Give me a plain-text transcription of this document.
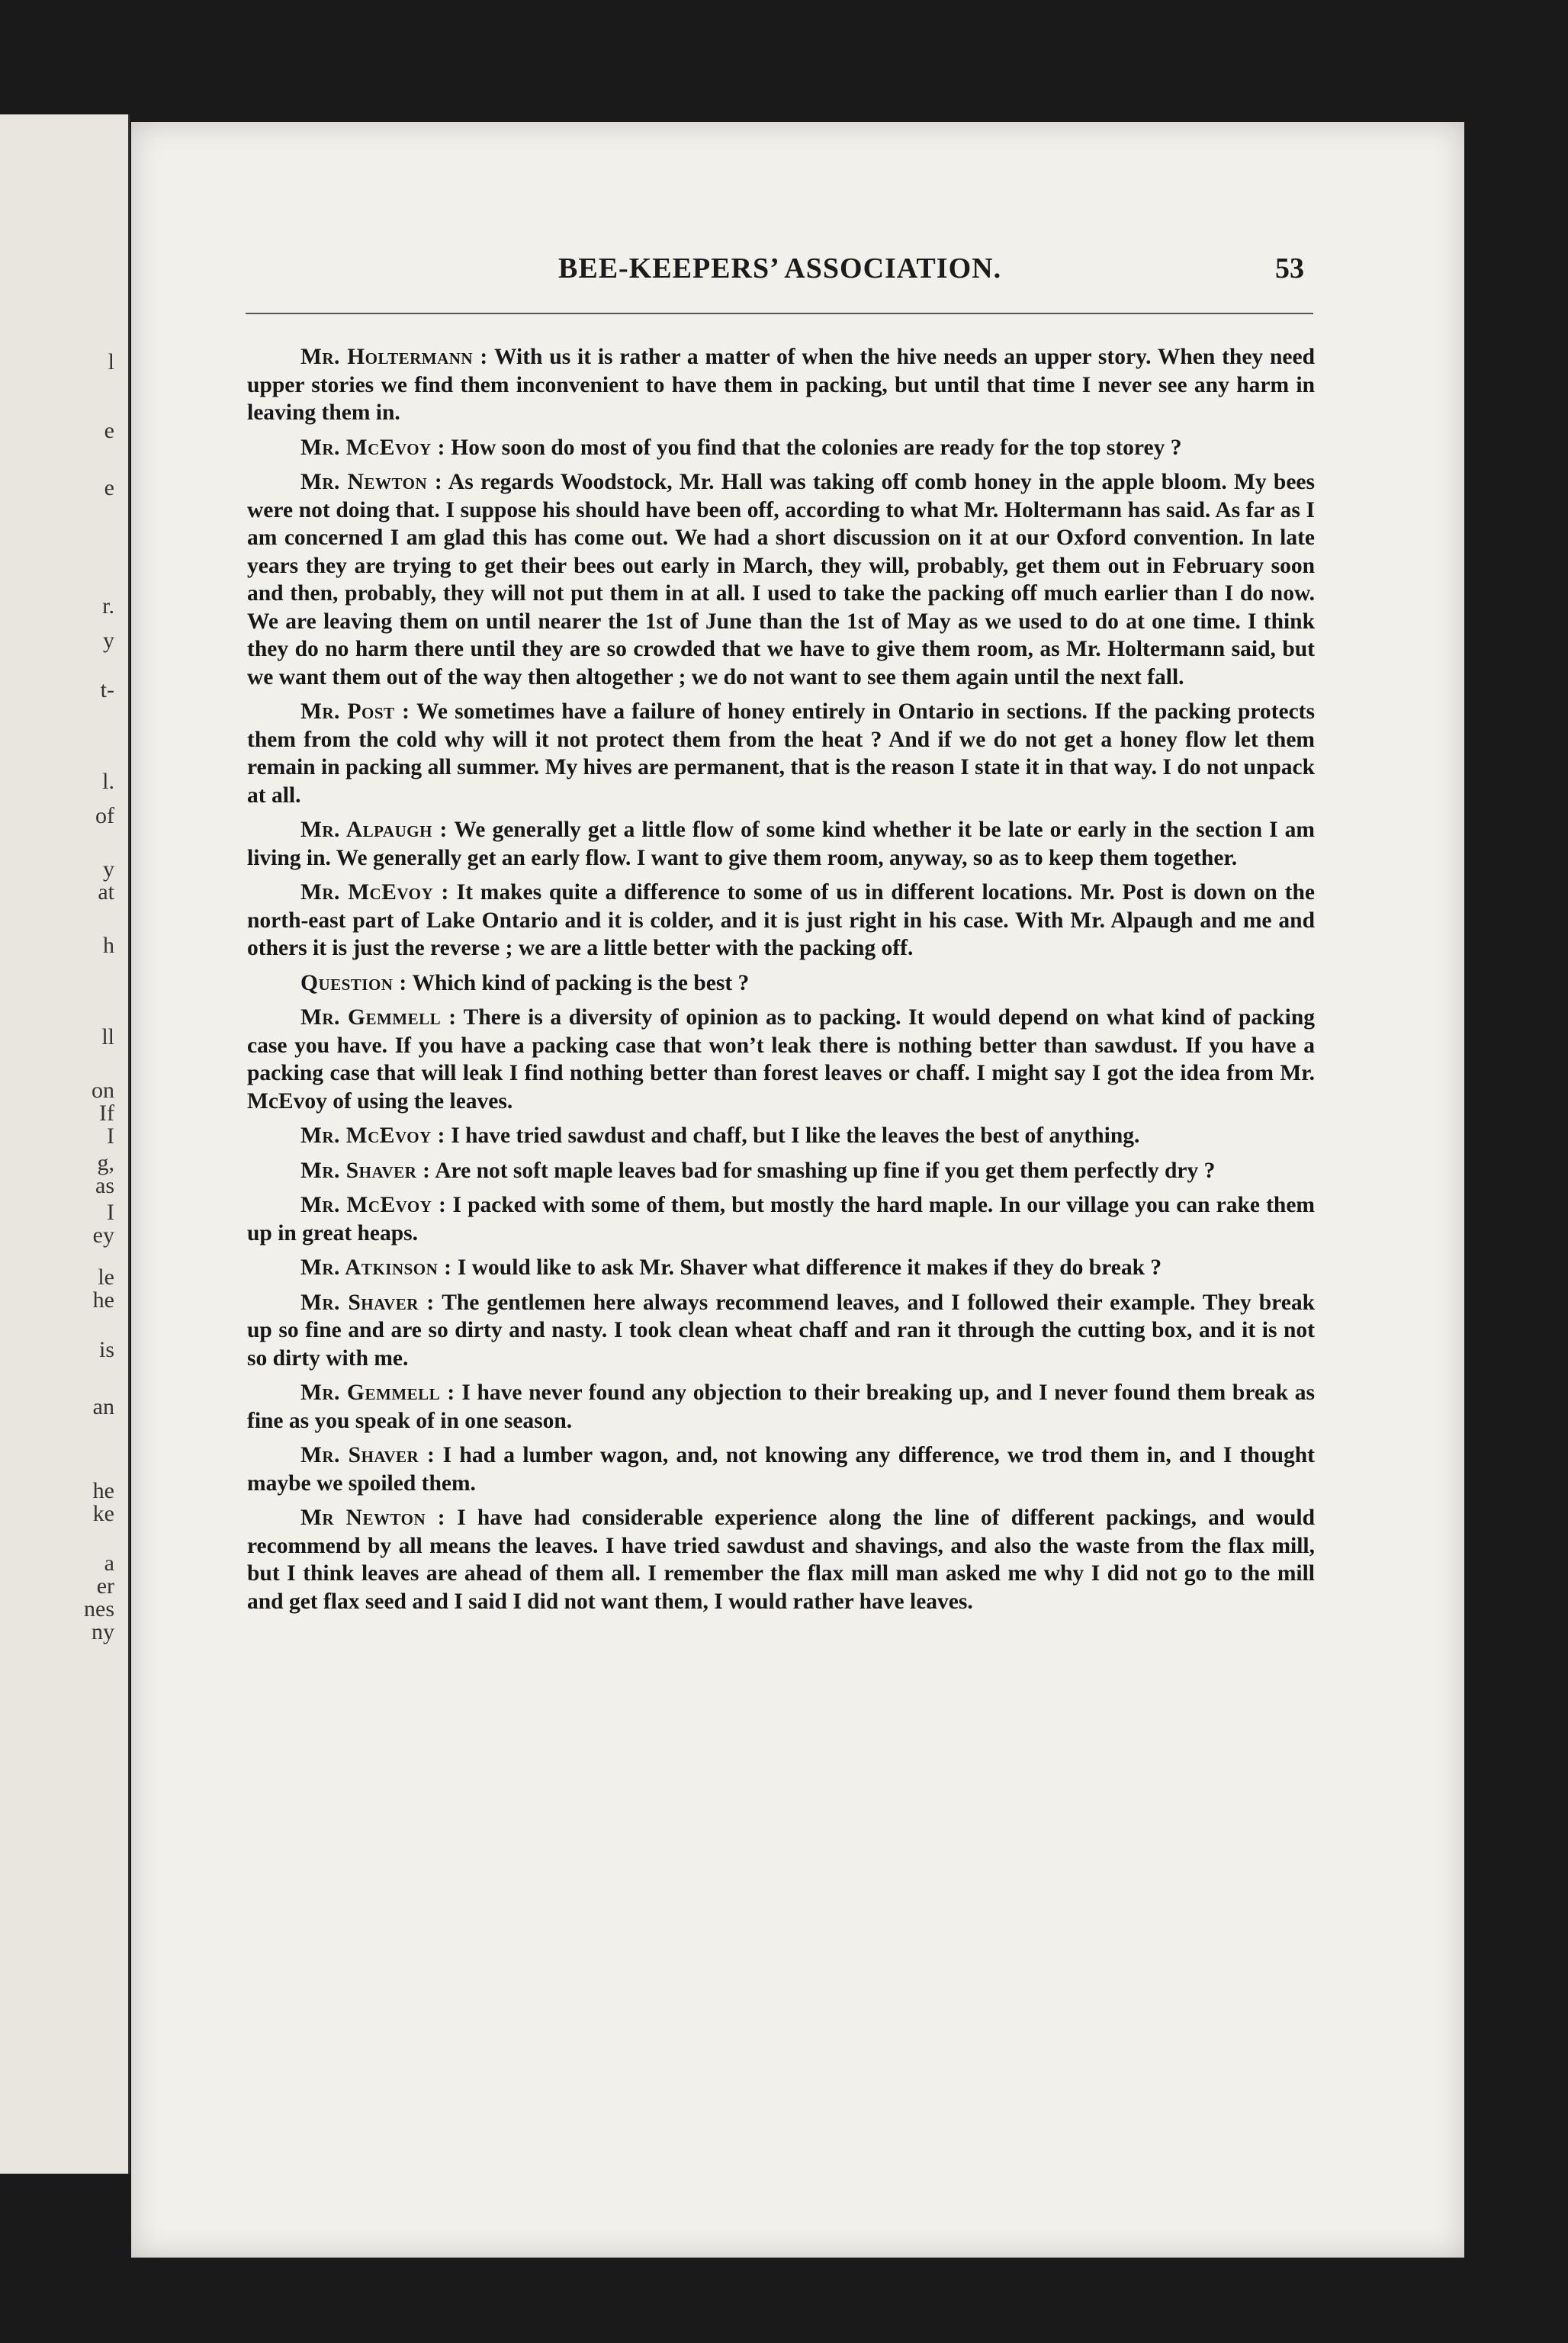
l
e
e
r.
y
t-
l.
of
y
at
h
ll
on
If
I
g,
as
I
ey
le
he
is
an
he
ke
a
er
nes
ny
BEE-KEEPERS’ ASSOCIATION.	53

Mr. Holtermann : With us it is rather a matter of when the hive needs an upper story. When they need upper stories we find them inconvenient to have them in packing, but until that time I never see any harm in leaving them in.

Mr. McEvoy : How soon do most of you find that the colonies are ready for the top storey ?

Mr. Newton : As regards Woodstock, Mr. Hall was taking off comb honey in the apple bloom. My bees were not doing that. I suppose his should have been off, according to what Mr. Holtermann has said. As far as I am concerned I am glad this has come out. We had a short discussion on it at our Oxford convention. In late years they are trying to get their bees out early in March, they will, probably, get them out in February soon and then, probably, they will not put them in at all. I used to take the packing off much earlier than I do now. We are leaving them on until nearer the 1st of June than the 1st of May as we used to do at one time. I think they do no harm there until they are so crowded that we have to give them room, as Mr. Holtermann said, but we want them out of the way then altogether ; we do not want to see them again until the next fall.

Mr. Post : We sometimes have a failure of honey entirely in Ontario in sections. If the packing protects them from the cold why will it not protect them from the heat ? And if we do not get a honey flow let them remain in packing all summer. My hives are permanent, that is the reason I state it in that way. I do not unpack at all.

Mr. Alpaugh : We generally get a little flow of some kind whether it be late or early in the section I am living in. We generally get an early flow. I want to give them room, anyway, so as to keep them together.

Mr. McEvoy : It makes quite a difference to some of us in different locations. Mr. Post is down on the north-east part of Lake Ontario and it is colder, and it is just right in his case. With Mr. Alpaugh and me and others it is just the reverse ; we are a little better with the packing off.

Question : Which kind of packing is the best ?

Mr. Gemmell : There is a diversity of opinion as to packing. It would depend on what kind of packing case you have. If you have a packing case that won’t leak there is nothing better than sawdust. If you have a packing case that will leak I find nothing better than forest leaves or chaff. I might say I got the idea from Mr. McEvoy of using the leaves.

Mr. McEvoy : I have tried sawdust and chaff, but I like the leaves the best of anything.

Mr. Shaver : Are not soft maple leaves bad for smashing up fine if you get them perfectly dry ?

Mr. McEvoy : I packed with some of them, but mostly the hard maple. In our village you can rake them up in great heaps.

Mr. Atkinson : I would like to ask Mr. Shaver what difference it makes if they do break ?

Mr. Shaver : The gentlemen here always recommend leaves, and I followed their example. They break up so fine and are so dirty and nasty. I took clean wheat chaff and ran it through the cutting box, and it is not so dirty with me.

Mr. Gemmell : I have never found any objection to their breaking up, and I never found them break as fine as you speak of in one season.

Mr. Shaver : I had a lumber wagon, and, not knowing any difference, we trod them in, and I thought maybe we spoiled them.

Mr Newton : I have had considerable experience along the line of different packings, and would recommend by all means the leaves. I have tried sawdust and shavings, and also the waste from the flax mill, but I think leaves are ahead of them all. I remember the flax mill man asked me why I did not go to the mill and get flax seed and I said I did not want them, I would rather have leaves.
